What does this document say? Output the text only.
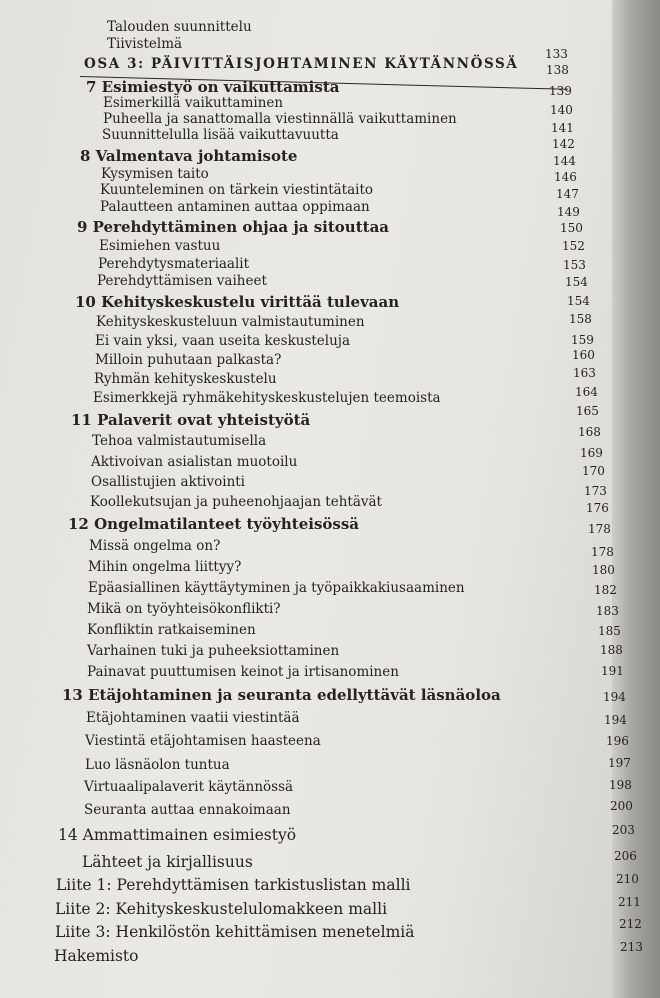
Talouden suunnittelu
Tiivistelmä
OSA 3: PÄIVITTÄISJOHTAMINEN KÄYTÄNNÖSSÄ
7 Esimiestyö on vaikuttamista
Esimerkillä vaikuttaminen
Puheella ja sanattomalla viestinnällä vaikuttaminen
Suunnittelulla lisää vaikuttavuutta
8 Valmentava johtamisote
Kysymisen taito
Kuunteleminen on tärkein viestintätaito
Palautteen antaminen auttaa oppimaan
9 Perehdyttäminen ohjaa ja sitouttaa
Esimiehen vastuu
Perehdytysmateriaalit
Perehdyttämisen vaiheet
10 Kehityskeskustelu virittää tulevaan
Kehityskeskusteluun valmistautuminen
Ei vain yksi, vaan useita keskusteluja
Milloin puhutaan palkasta?
Ryhmän kehityskeskustelu
Esimerkkejä ryhmäkehityskeskustelujen teemoista
11 Palaverit ovat yhteistyötä
Tehoa valmistautumisella
Aktivoivan asialistan muotoilu
Osallistujien aktivointi
Koollekutsujan ja puheenohjaajan tehtävät
12 Ongelmatilanteet työyhteisössä
Missä ongelma on?
Mihin ongelma liittyy?
Epäasiallinen käyttäytyminen ja työpaikkakiusaaminen
Mikä on työyhteisökonflikti?
Konfliktin ratkaiseminen
Varhainen tuki ja puheeksiottaminen
Painavat puuttumisen keinot ja irtisanominen
13 Etäjohtaminen ja seuranta edellyttävät läsnäoloa
Etäjohtaminen vaatii viestintää
Viestintä etäjohtamisen haasteena
Luo läsnäolon tuntua
Virtuaalipalaverit käytännössä
Seuranta auttaa ennakoimaan
14 Ammattimainen esimiestyö
Lähteet ja kirjallisuus
Liite 1: Perehdyttämisen tarkistuslistan malli
Liite 2: Kehityskeskustelulomakkeen malli
Liite 3: Henkilöstön kehittämisen menetelmiä
Hakemisto
133
138
139
140
141
142
144
146
147
149
150
152
153
154
154
158
159
160
163
164
165
168
169
170
173
176
178
178
180
182
183
185
188
191
194
194
196
197
198
200
203
206
210
211
212
213
